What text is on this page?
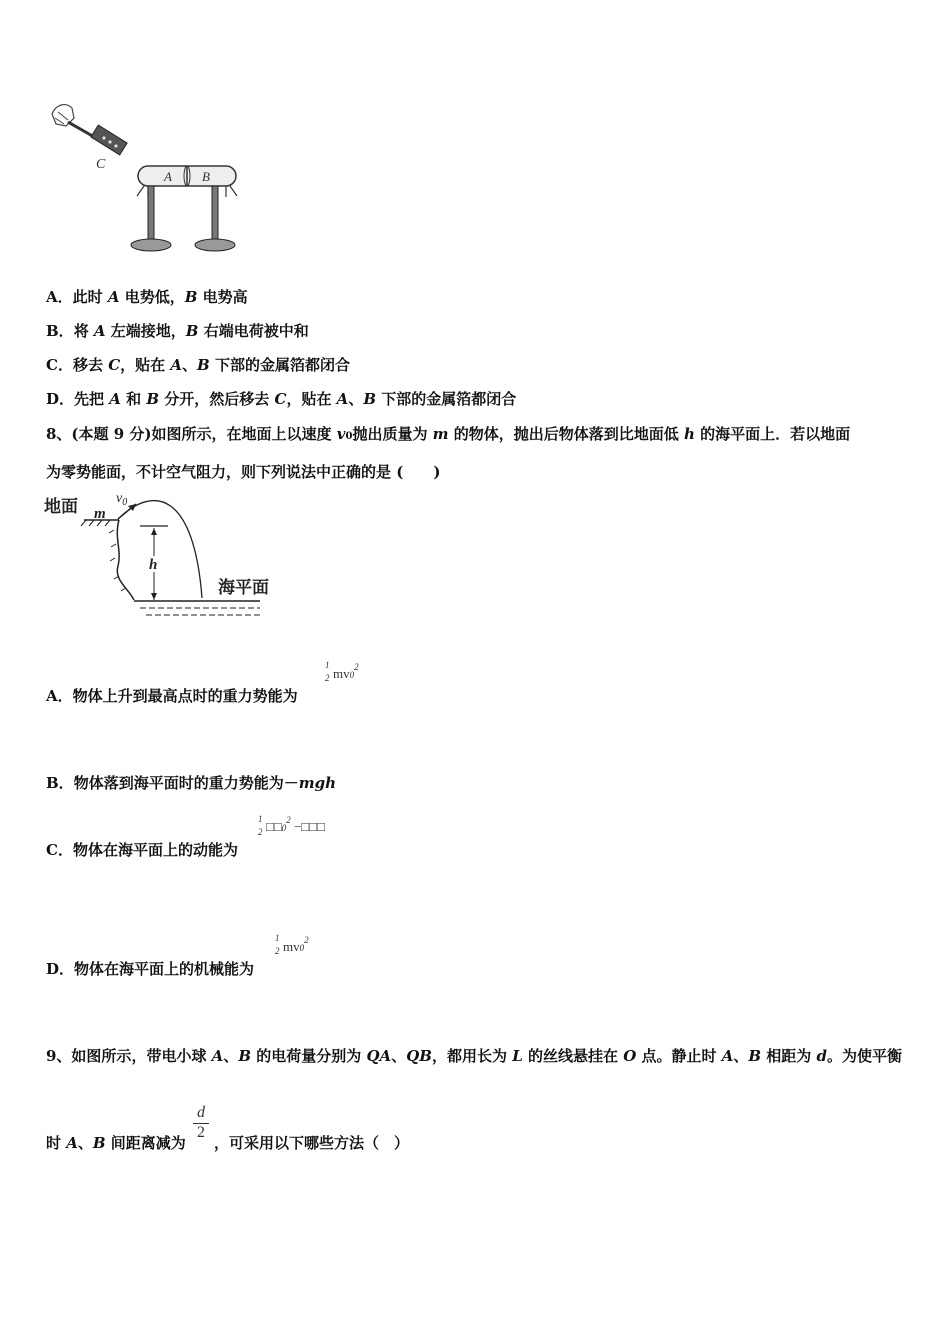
C
A B
A．此时 A 电势低，B 电势高
B．将 A 左端接地，B 右端电荷被中和
C．移去 C，贴在 A、B 下部的金属箔都闭合
D．先把 A 和 B 分开，然后移去 C，贴在 A、B 下部的金属箔都闭合
8、(本题 9 分)如图所示，在地面上以速度 v0抛出质量为 m 的物体，抛出后物体落到比地面低 h 的海平面上．若以地面
为零势能面，不计空气阻力，则下列说法中正确的是 (　　)
地面 m
$v_0$
h
海平面
A．物体上升到最高点时的重力势能为
1
2 $mv0^2$
B．物体落到海平面时的重力势能为－mgh
C．物体在海平面上的动能为
1
2 $□□0^2$ −□□□
D．物体在海平面上的机械能为
1
2 $mv0^2$
9、如图所示，带电小球 A、B 的电荷量分别为 QA、QB，都用长为 L 的丝线悬挂在 O 点。静止时 A、B 相距为 d。为使平衡
时 A、B 间距离减为
d
2
，可采用以下哪些方法（　）
